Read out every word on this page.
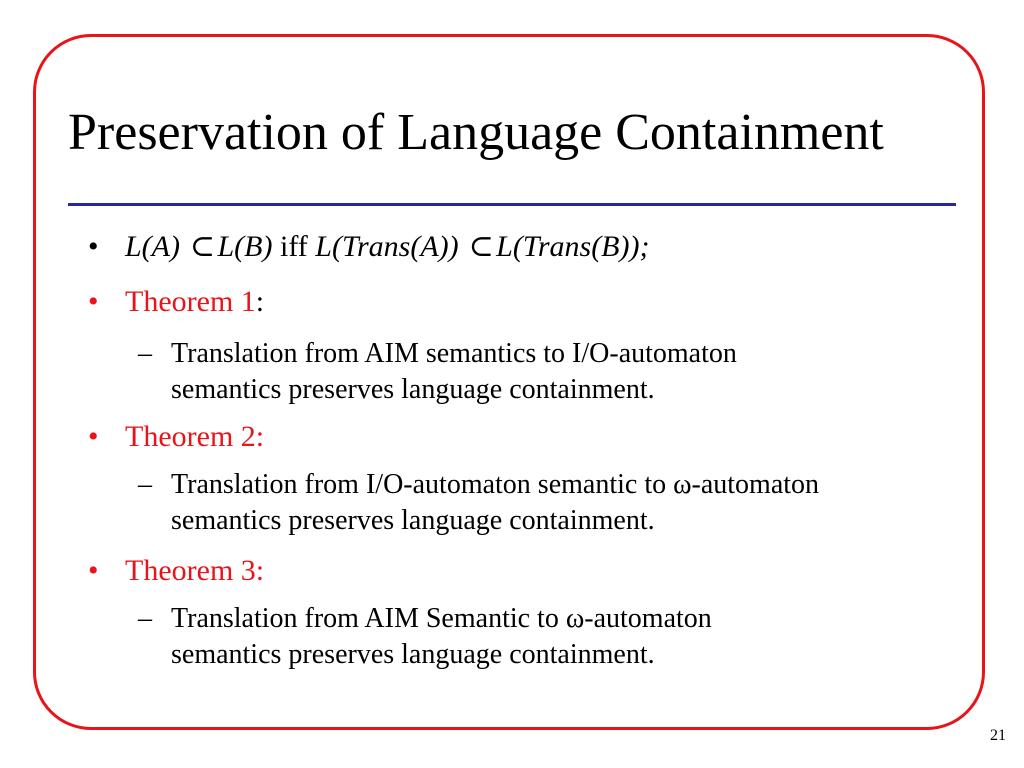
Preservation of Language Containment
• L(A) ⊂L(B) iff L(Trans(A)) ⊂L(Trans(B));
• Theorem 1:
– Translation from AIM semantics to I/O-automaton
semantics preserves language containment.
• Theorem 2:
– Translation from I/O-automaton semantic to ω-automaton
semantics preserves language containment.
• Theorem 3:
– Translation from AIM Semantic to ω-automaton
semantics preserves language containment.
21
